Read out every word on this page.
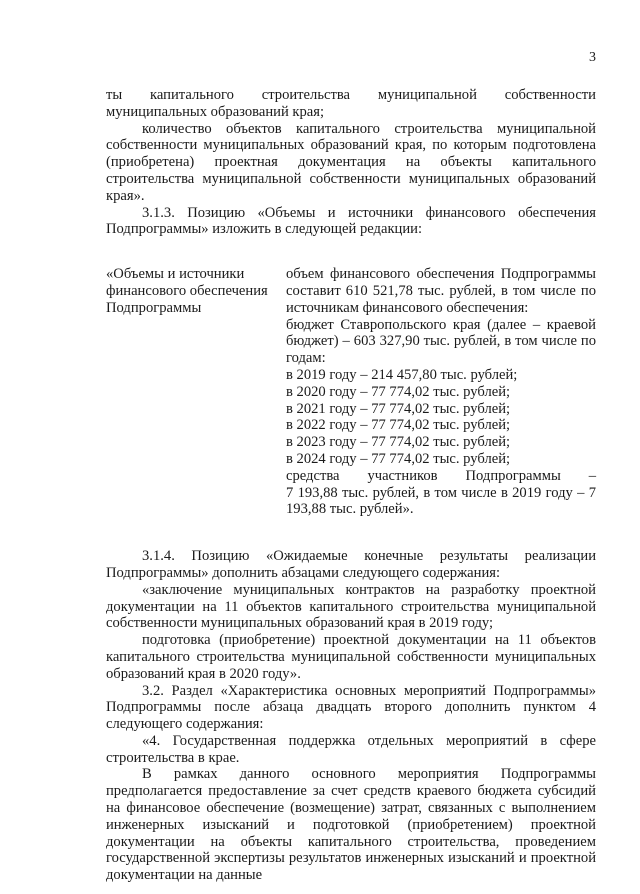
3

ты капитального строительства муниципальной собственности муниципальных образований края;

количество объектов капитального строительства муниципальной собственности муниципальных образований края, по которым подготовлена (приобретена) проектная документация на объекты капитального строительства муниципальной собственности муниципальных образований края».

3.1.3. Позицию «Объемы и источники финансового обеспечения Подпрограммы» изложить в следующей редакции:

«Объемы и источники
финансового обеспечения
Подпрограммы

объем финансового обеспечения Подпрограммы составит 610 521,78 тыс. рублей, в том числе по источникам финансового обеспечения:

бюджет Ставропольского края (далее – краевой бюджет) – 603 327,90 тыс. рублей, в том числе по годам:

в 2019 году – 214 457,80 тыс. рублей;

в 2020 году – 77 774,02 тыс. рублей;

в 2021 году – 77 774,02 тыс. рублей;

в 2022 году – 77 774,02 тыс. рублей;

в 2023 году – 77 774,02 тыс. рублей;

в 2024 году – 77 774,02 тыс. рублей;

средства участников Подпрограммы –

7 193,88 тыс. рублей, в том числе в 2019 году – 7 193,88 тыс. рублей».

3.1.4. Позицию «Ожидаемые конечные результаты реализации Подпрограммы» дополнить абзацами следующего содержания:

«заключение муниципальных контрактов на разработку проектной документации на 11 объектов капитального строительства муниципальной собственности муниципальных образований края в 2019 году;

подготовка (приобретение) проектной документации на 11 объектов капитального строительства муниципальной собственности муниципальных образований края в 2020 году».

3.2. Раздел «Характеристика основных мероприятий Подпрограммы» Подпрограммы после абзаца двадцать второго дополнить пунктом 4 следующего содержания:

«4. Государственная поддержка отдельных мероприятий в сфере строительства в крае.

В рамках данного основного мероприятия Подпрограммы предполагается предоставление за счет средств краевого бюджета субсидий на финансовое обеспечение (возмещение) затрат, связанных с выполнением инженерных изысканий и подготовкой (приобретением) проектной документации на объекты капитального строительства, проведением государственной экспертизы результатов инженерных изысканий и проектной документации на данные
